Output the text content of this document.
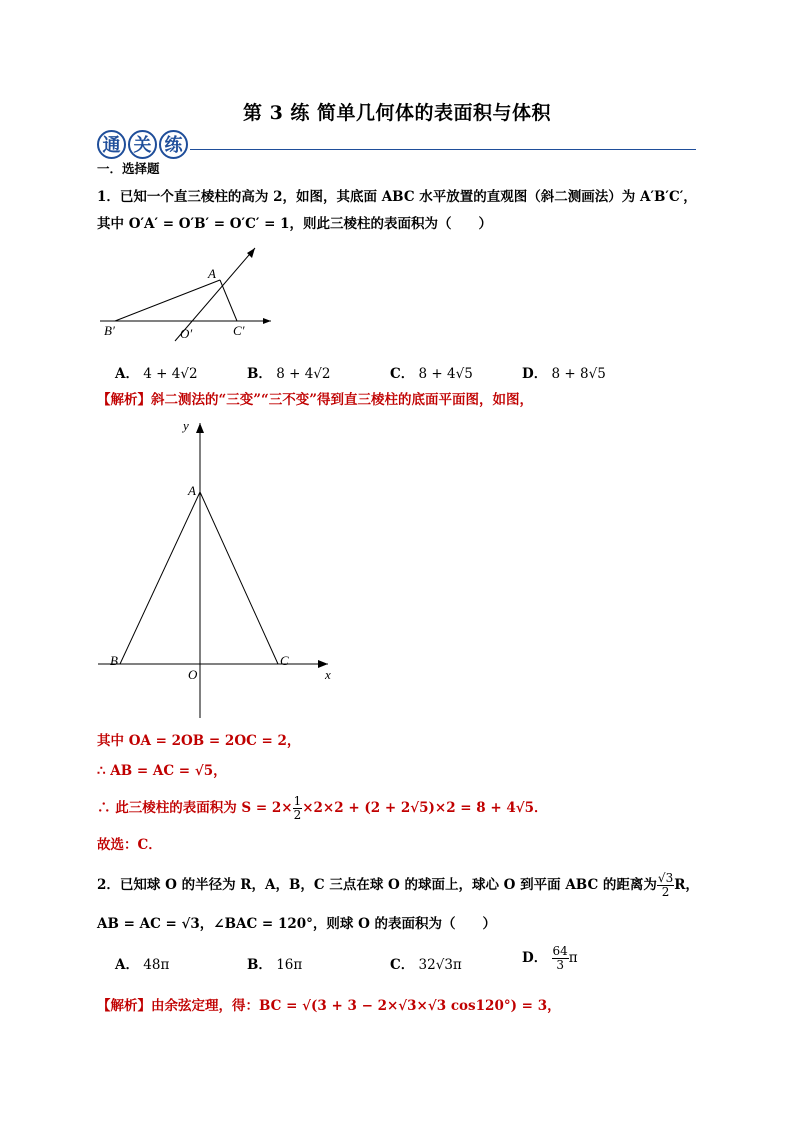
第 3 练 简单几何体的表面积与体积
通 关 练
一．选择题
1．已知一个直三棱柱的高为 2，如图，其底面 ABC 水平放置的直观图（斜二测画法）为 A′B′C′，
其中 O′A′ = O′B′ = O′C′ = 1，则此三棱柱的表面积为（　　）
A
B′	O′	C′
A． 4 + 4√2	B． 8 + 4√2	C． 8 + 4√5	D． 8 + 8√5
【解析】斜二测法的“三变”“三不变”得到直三棱柱的底面平面图，如图，
y
A
B	C
O	x
其中 OA = 2OB = 2OC = 2，
∴ AB = AC = √5，
∴ 此三棱柱的表面积为 $S = 2\times \frac{1}{2} \times 2\times 2 + (2 + 2√5)\times 2 = 8 + 4√5$．
故选：C．
2．已知球 O 的半径为 R，A，B，C 三点在球 O 的球面上，球心 O 到平面 ABC 的距离为 $\frac{√3}{2}$ R，
AB = AC = √3，∠BAC = 120°，则球 O 的表面积为（　　）
A． 48π	B． 16π	C． 32√3π	D． $\frac{64}{3}$ π
【解析】由余弦定理，得：BC = √(3 + 3 − 2×√3×√3 cos120°) = 3，
